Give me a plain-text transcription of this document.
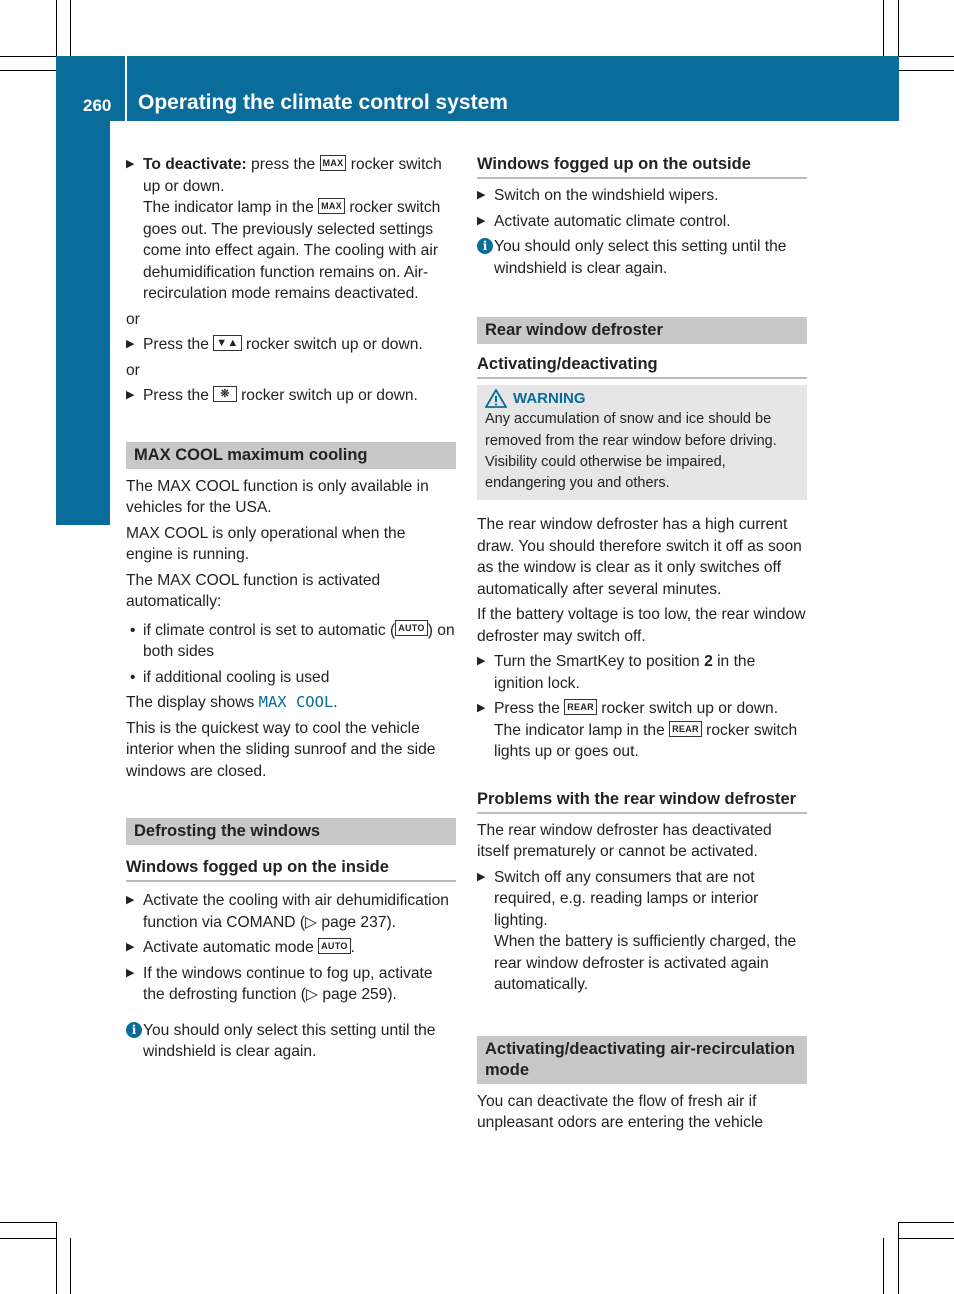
260 Operating the climate control system
Climate control
▶ To deactivate: press the MAX rocker switch up or down.
The indicator lamp in the MAX rocker switch goes out. The previously selected settings come into effect again. The cooling with air dehumidification function remains on. Air-recirculation mode remains deactivated.
or
▶ Press the ▼▲ rocker switch up or down.
or
▶ Press the ❊ rocker switch up or down.
MAX COOL maximum cooling

The MAX COOL function is only available in vehicles for the USA.

MAX COOL is only operational when the engine is running.

The MAX COOL function is activated automatically:

• if climate control is set to automatic ( AUTO ) on both sides
• if additional cooling is used

The display shows MAX COOL.

This is the quickest way to cool the vehicle interior when the sliding sunroof and the side windows are closed.

Defrosting the windows
Windows fogged up on the inside
▶ Activate the cooling with air dehumidification function via COMAND (▷ page 237).
▶ Activate automatic mode AUTO .
▶ If the windows continue to fog up, activate the defrosting function (▷ page 259).
i You should only select this setting until the windshield is clear again.
Windows fogged up on the outside
▶ Switch on the windshield wipers.
▶ Activate automatic climate control.
i You should only select this setting until the windshield is clear again.
Rear window defroster
Activating/deactivating
WARNING
Any accumulation of snow and ice should be removed from the rear window before driving. Visibility could otherwise be impaired, endangering you and others.

The rear window defroster has a high current draw. You should therefore switch it off as soon as the window is clear as it only switches off automatically after several minutes.

If the battery voltage is too low, the rear window defroster may switch off.

▶ Turn the SmartKey to position 2 in the ignition lock.
▶ Press the REAR rocker switch up or down.
The indicator lamp in the REAR rocker switch lights up or goes out.
Problems with the rear window defroster

The rear window defroster has deactivated itself prematurely or cannot be activated.

▶ Switch off any consumers that are not required, e.g. reading lamps or interior lighting.
When the battery is sufficiently charged, the rear window defroster is activated again automatically.
Activating/deactivating air-recirculation mode

You can deactivate the flow of fresh air if unpleasant odors are entering the vehicle
